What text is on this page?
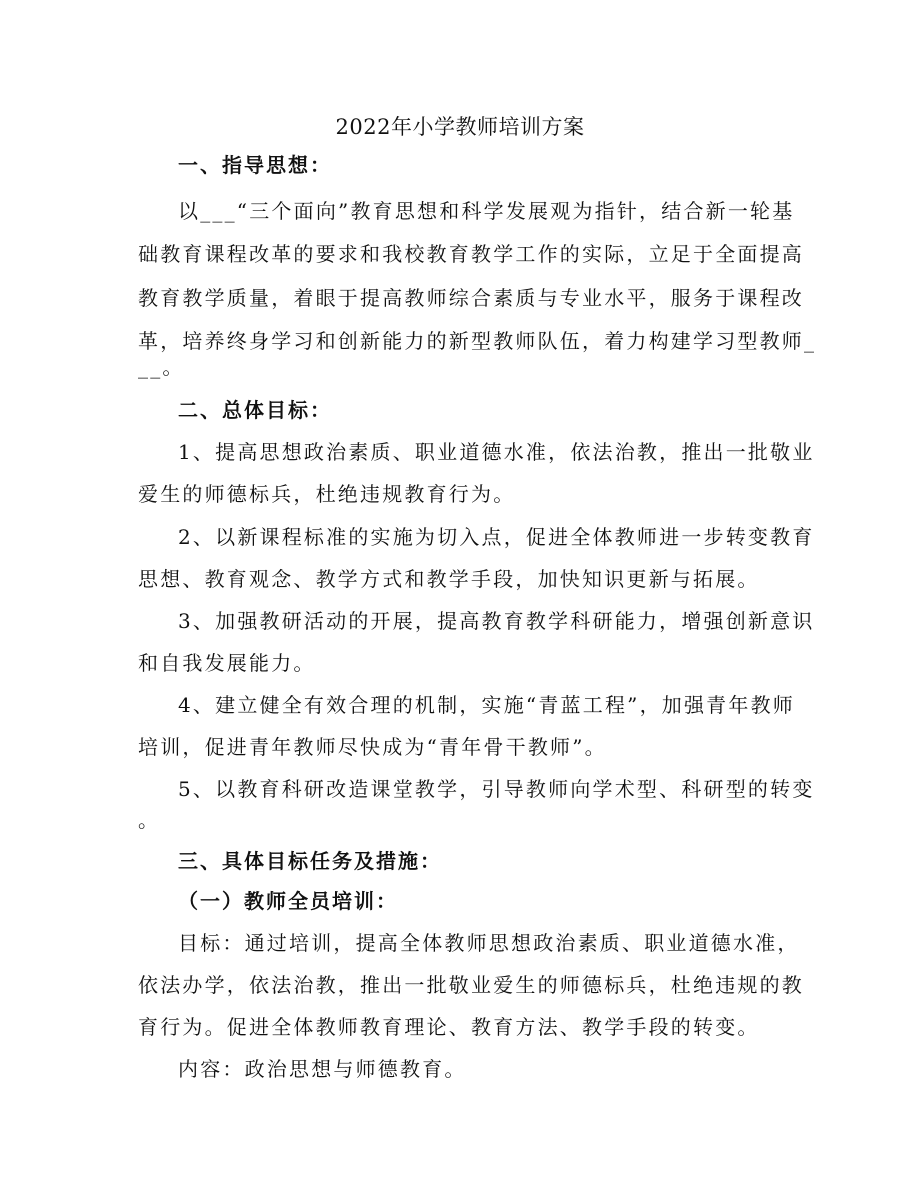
2022年小学教师培训方案
一、指导思想：
以___“三个面向”教育思想和科学发展观为指针，结合新一轮基
础教育课程改革的要求和我校教育教学工作的实际，立足于全面提高
教育教学质量，着眼于提高教师综合素质与专业水平，服务于课程改
革，培养终身学习和创新能力的新型教师队伍，着力构建学习型教师_
__。
二、总体目标：
1、提高思想政治素质、职业道德水准，依法治教，推出一批敬业
爱生的师德标兵，杜绝违规教育行为。
2、以新课程标准的实施为切入点，促进全体教师进一步转变教育
思想、教育观念、教学方式和教学手段，加快知识更新与拓展。
3、加强教研活动的开展，提高教育教学科研能力，增强创新意识
和自我发展能力。
4、建立健全有效合理的机制，实施“青蓝工程”，加强青年教师
培训，促进青年教师尽快成为“青年骨干教师”。
5、以教育科研改造课堂教学，引导教师向学术型、科研型的转变
。
三、具体目标任务及措施：
（一）教师全员培训：
目标：通过培训，提高全体教师思想政治素质、职业道德水准，
依法办学，依法治教，推出一批敬业爱生的师德标兵，杜绝违规的教
育行为。促进全体教师教育理论、教育方法、教学手段的转变。
内容：政治思想与师德教育。
